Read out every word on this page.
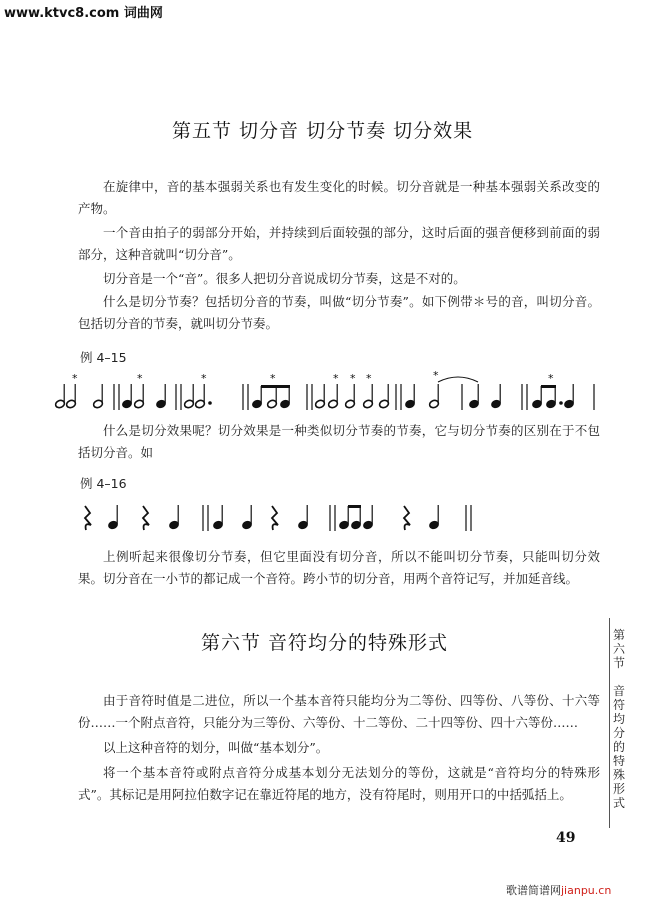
www.ktvc8.com 词曲网
第五节 切分音 切分节奏 切分效果

在旋律中，音的基本强弱关系也有发生变化的时候。切分音就是一种基本强弱关系改变的产物。

一个音由拍子的弱部分开始，并持续到后面较强的部分，这时后面的强音便移到前面的弱部分，这种音就叫“切分音”。

切分音是一个“音”。很多人把切分音说成切分节奏，这是不对的。

什么是切分节奏？包括切分音的节奏，叫做“切分节奏”。如下例带＊号的音，叫切分音。包括切分音的节奏，就叫切分节奏。

例 4–15
*	*	*	*	* * *	*	*

什么是切分效果呢？切分效果是一种类似切分节奏的节奏，它与切分节奏的区别在于不包括切分音。如

例 4–16

上例听起来很像切分节奏，但它里面没有切分音，所以不能叫切分节奏，只能叫切分效果。切分音在一小节的都记成一个音符。跨小节的切分音，用两个音符记写，并加延音线。

第六节 音符均分的特殊形式

由于音符时值是二进位，所以一个基本音符只能均分为二等份、四等份、八等份、十六等份……一个附点音符，只能分为三等份、六等份、十二等份、二十四等份、四十六等份……

以上这种音符的划分，叫做“基本划分”。

将一个基本音符或附点音符分成基本划分无法划分的等份，这就是“音符均分的特殊形式”。其标记是用阿拉伯数字记在靠近符尾的地方，没有符尾时，则用开口的中括弧括上。

第
六
节

音
符
均
分
的
特
殊
形
式
49
歌谱简谱网jianpu.cn
